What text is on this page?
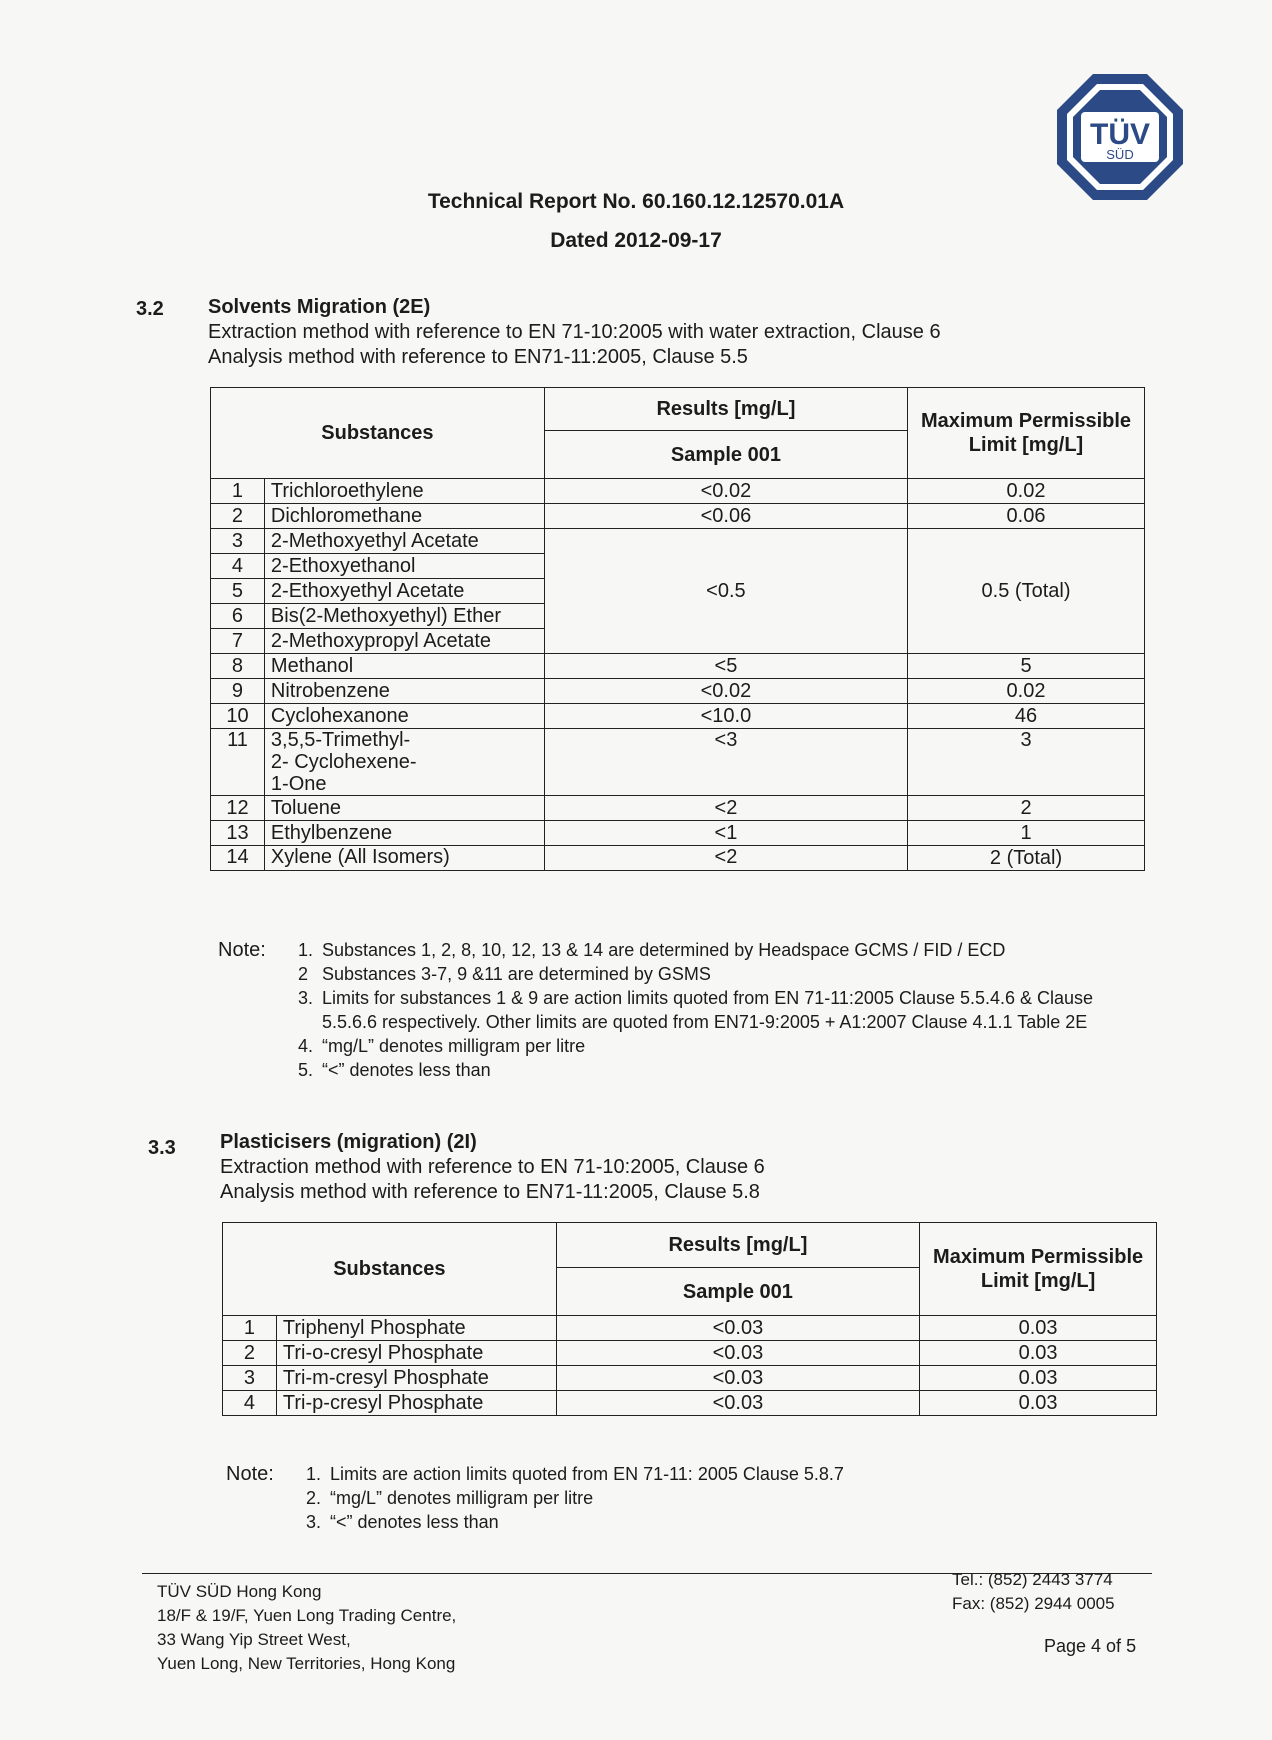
TÜV
SÜD
Technical Report No. 60.160.12.12570.01A
Dated 2012-09-17
3.2 Solvents Migration (2E)
Extraction method with reference to EN 71-10:2005 with water extraction, Clause 6
Analysis method with reference to EN71-11:2005, Clause 5.5
Substances		Results [mg/L]	Maximum Permissible Limit [mg/L]
		Sample 001	
1	Trichloroethylene	<0.02	0.02
2	Dichloromethane	<0.06	0.06
3	2-Methoxyethyl Acetate	<0.5	0.5 (Total)
4	2-Ethoxyethanol		
5	2-Ethoxyethyl Acetate		
6	Bis(2-Methoxyethyl) Ether		
7	2-Methoxypropyl Acetate		
8	Methanol	<5	5
9	Nitrobenzene	<0.02	0.02
10	Cyclohexanone	<10.0	46
11	3,5,5-Trimethyl-2- Cyclohexene-1-One	<3	3
12	Toluene	<2	2
13	Ethylbenzene	<1	1
14	Xylene (All Isomers)	<2	2 (Total)
Note: 1. Substances 1, 2, 8, 10, 12, 13 & 14 are determined by Headspace GCMS / FID / ECD
2 Substances 3-7, 9 &11 are determined by GSMS
3. Limits for substances 1 & 9 are action limits quoted from EN 71-11:2005 Clause 5.5.4.6 & Clause 5.5.6.6 respectively. Other limits are quoted from EN71-9:2005 + A1:2007 Clause 4.1.1 Table 2E
4. “mg/L” denotes milligram per litre
5. “<” denotes less than
3.3 Plasticisers (migration) (2I)
Extraction method with reference to EN 71-10:2005, Clause 6
Analysis method with reference to EN71-11:2005, Clause 5.8
Substances		Results [mg/L]	Maximum Permissible Limit [mg/L]
		Sample 001	
1	Triphenyl Phosphate	<0.03	0.03
2	Tri-o-cresyl Phosphate	<0.03	0.03
3	Tri-m-cresyl Phosphate	<0.03	0.03
4	Tri-p-cresyl Phosphate	<0.03	0.03
Note: 1. Limits are action limits quoted from EN 71-11: 2005 Clause 5.8.7
2. “mg/L” denotes milligram per litre
3. “<” denotes less than
TÜV SÜD Hong Kong
18/F & 19/F, Yuen Long Trading Centre,
33 Wang Yip Street West,
Yuen Long, New Territories, Hong Kong
Tel.: (852) 2443 3774
Fax: (852) 2944 0005
Page 4 of 5
